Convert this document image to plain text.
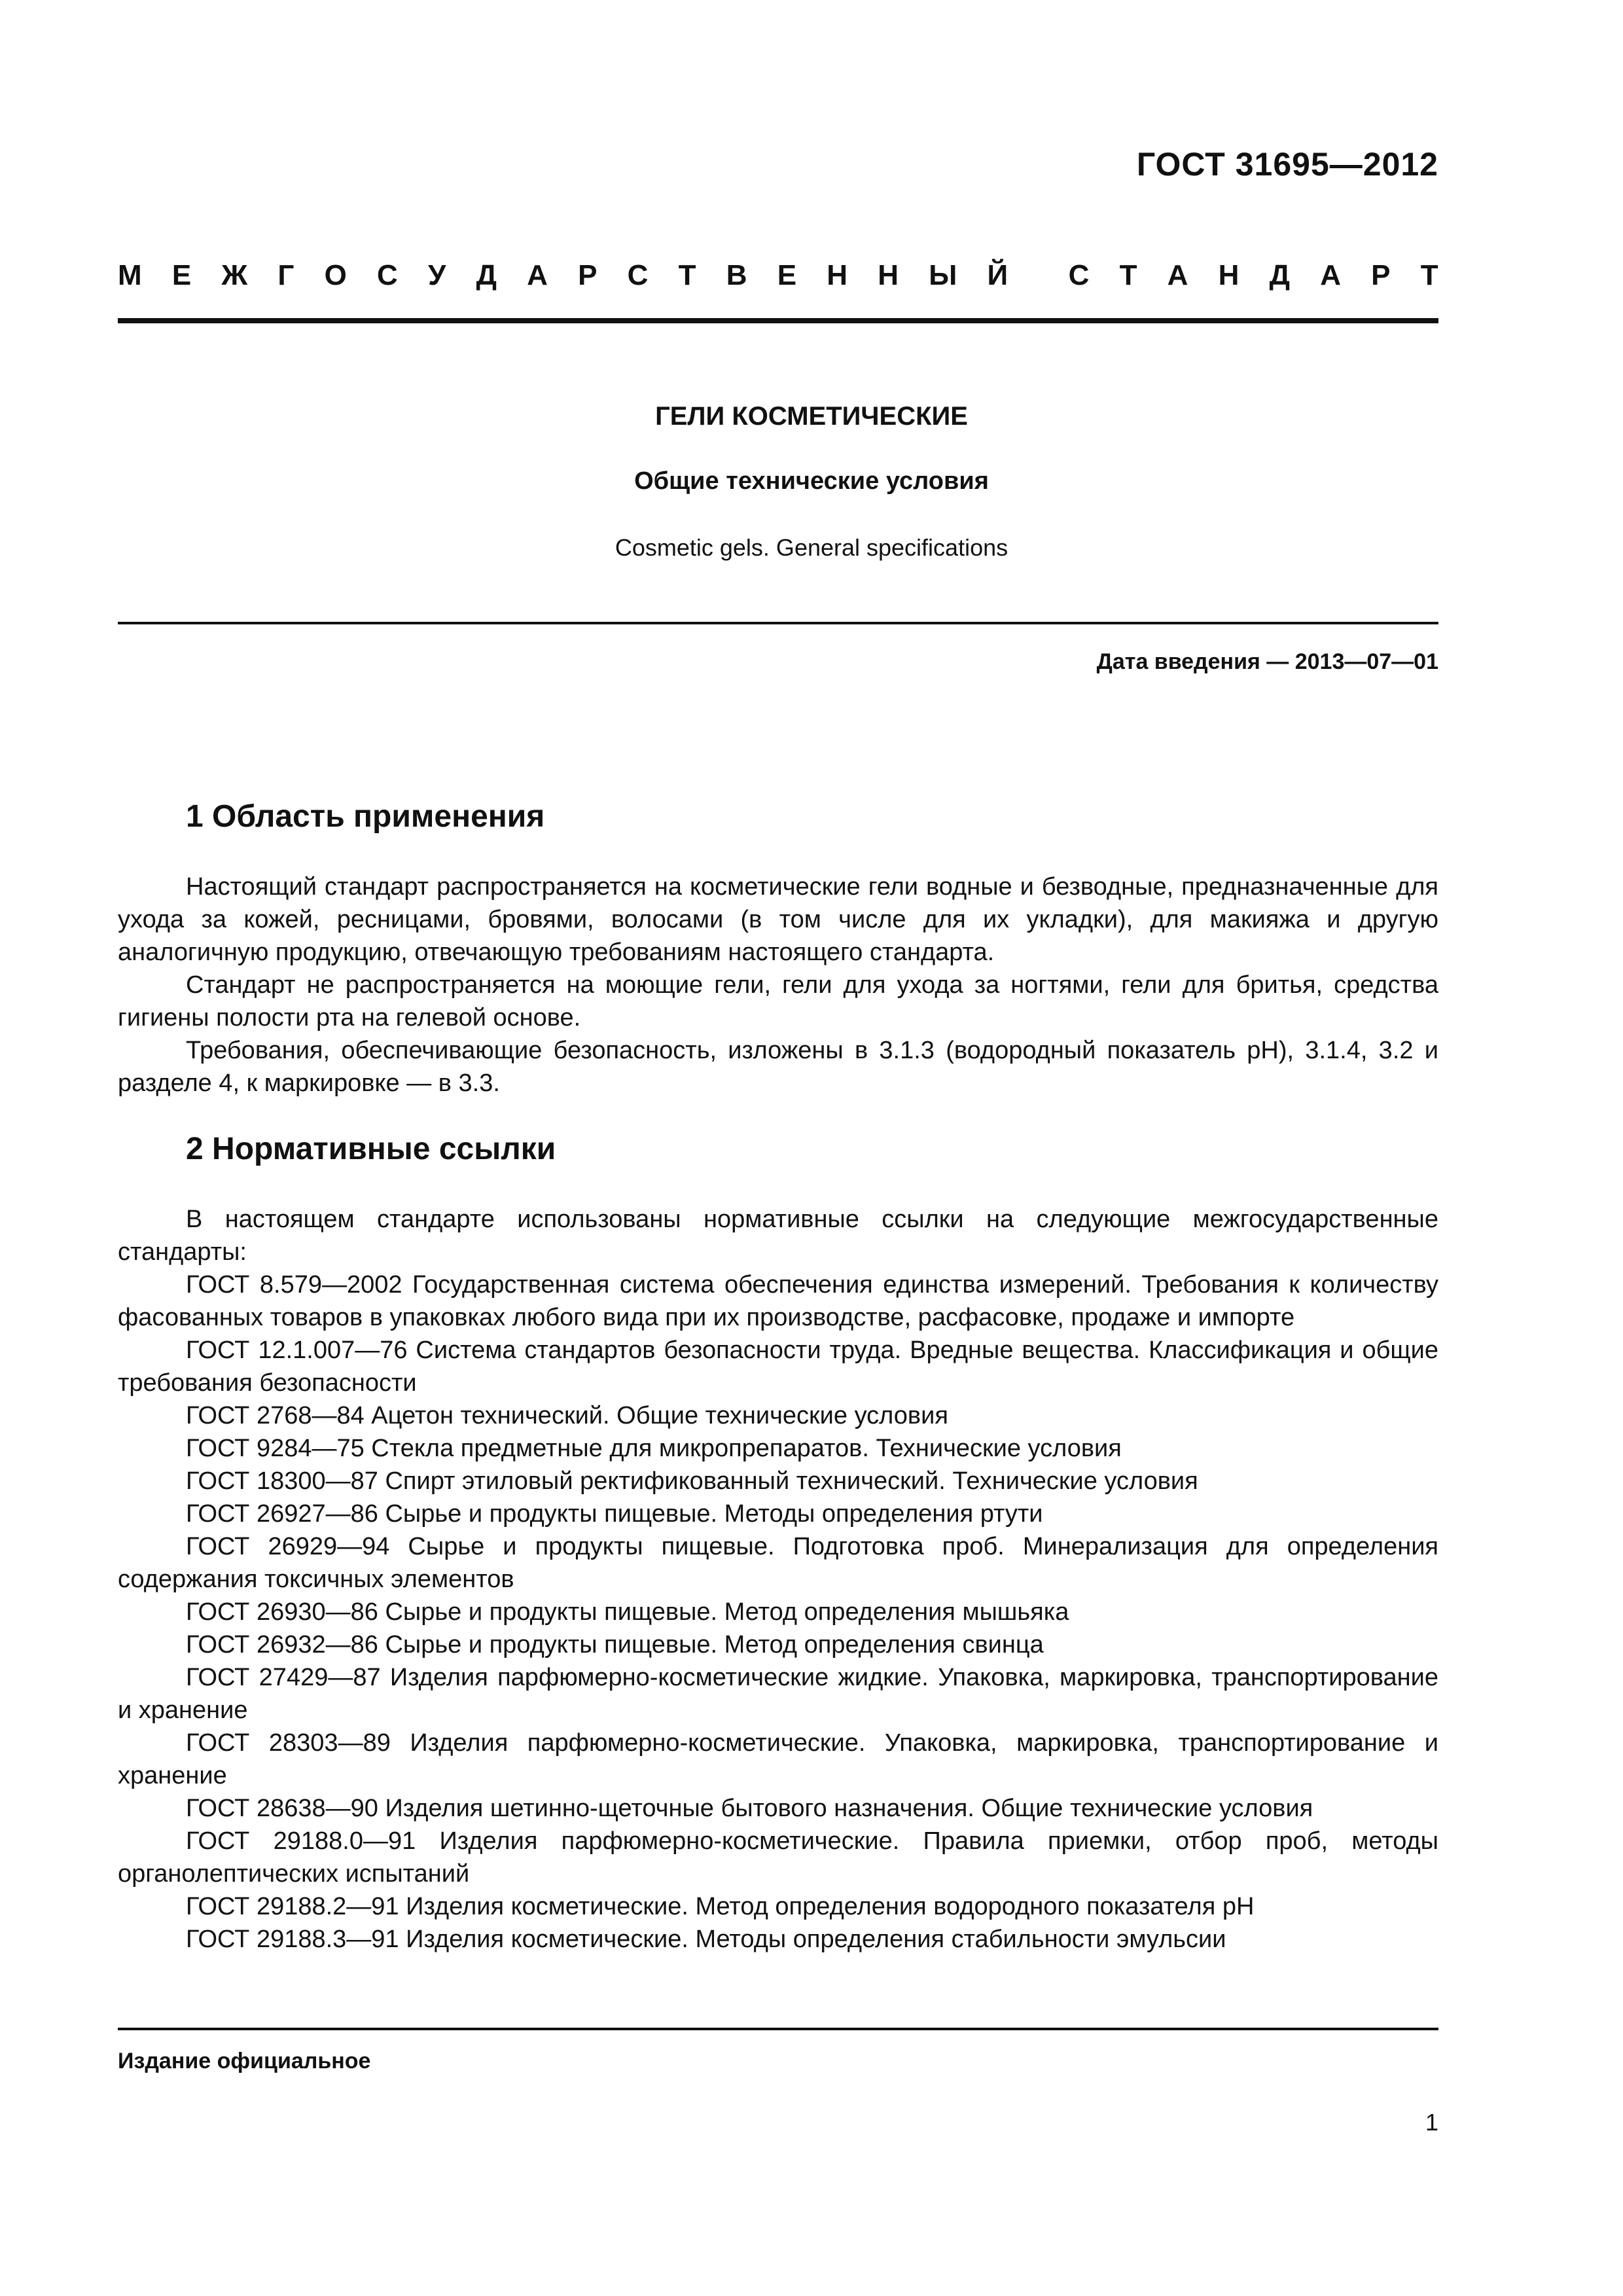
ГОСТ 31695—2012
М Е Ж Г О С У Д А Р С Т В Е Н Н Ы Й С Т А Н Д А Р Т
ГЕЛИ КОСМЕТИЧЕСКИЕ
Общие технические условия
Cosmetic gels. General specifications
Дата введения — 2013—07—01
1 Область применения

Настоящий стандарт распространяется на косметические гели водные и безводные, предназначенные для ухода за кожей, ресницами, бровями, волосами (в том числе для их укладки), для макияжа и другую аналогичную продукцию, отвечающую требованиям настоящего стандарта.

Стандарт не распространяется на моющие гели, гели для ухода за ногтями, гели для бритья, средства гигиены полости рта на гелевой основе.

Требования, обеспечивающие безопасность, изложены в 3.1.3 (водородный показатель pH), 3.1.4, 3.2 и разделе 4, к маркировке — в 3.3.

2 Нормативные ссылки

В настоящем стандарте использованы нормативные ссылки на следующие межгосударственные стандарты:

ГОСТ 8.579—2002 Государственная система обеспечения единства измерений. Требования к количеству фасованных товаров в упаковках любого вида при их производстве, расфасовке, продаже и импорте

ГОСТ 12.1.007—76 Система стандартов безопасности труда. Вредные вещества. Классификация и общие требования безопасности

ГОСТ 2768—84 Ацетон технический. Общие технические условия

ГОСТ 9284—75 Стекла предметные для микропрепаратов. Технические условия

ГОСТ 18300—87 Спирт этиловый ректификованный технический. Технические условия

ГОСТ 26927—86 Сырье и продукты пищевые. Методы определения ртути

ГОСТ 26929—94 Сырье и продукты пищевые. Подготовка проб. Минерализация для определения содержания токсичных элементов

ГОСТ 26930—86 Сырье и продукты пищевые. Метод определения мышьяка

ГОСТ 26932—86 Сырье и продукты пищевые. Метод определения свинца

ГОСТ 27429—87 Изделия парфюмерно-косметические жидкие. Упаковка, маркировка, транспортирование и хранение

ГОСТ 28303—89 Изделия парфюмерно-косметические. Упаковка, маркировка, транспортирование и хранение

ГОСТ 28638—90 Изделия шетинно-щеточные бытового назначения. Общие технические условия

ГОСТ 29188.0—91 Изделия парфюмерно-косметические. Правила приемки, отбор проб, методы органолептических испытаний

ГОСТ 29188.2—91 Изделия косметические. Метод определения водородного показателя pH

ГОСТ 29188.3—91 Изделия косметические. Методы определения стабильности эмульсии

Издание официальное
1
